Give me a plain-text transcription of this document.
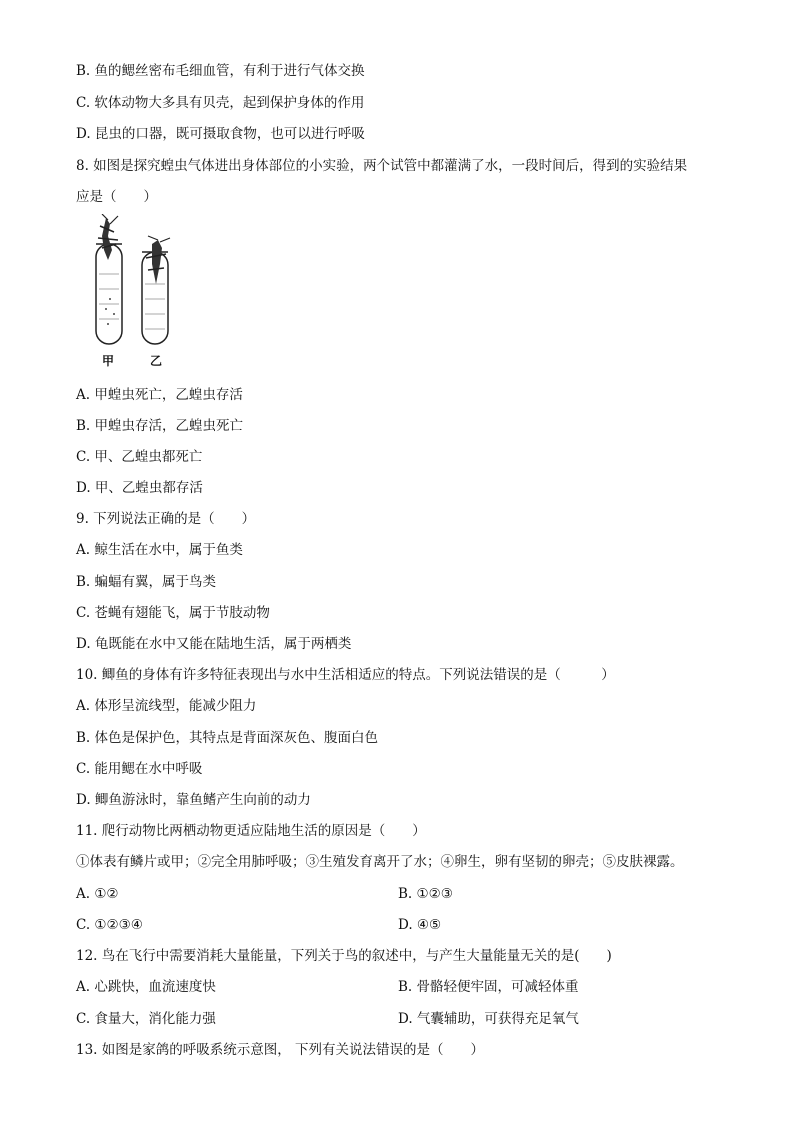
B. 鱼的鳃丝密布毛细血管，有利于进行气体交换
C. 软体动物大多具有贝壳，起到保护身体的作用
D. 昆虫的口器，既可摄取食物，也可以进行呼吸
8. 如图是探究蝗虫气体进出身体部位的小实验，两个试管中都灌满了水，一段时间后，得到的实验结果
应是（　　）
甲	乙
A. 甲蝗虫死亡，乙蝗虫存活
B. 甲蝗虫存活，乙蝗虫死亡
C. 甲、乙蝗虫都死亡
D. 甲、乙蝗虫都存活
9. 下列说法正确的是（　　）
A. 鲸生活在水中，属于鱼类
B. 蝙蝠有翼，属于鸟类
C. 苍蝇有翅能飞，属于节肢动物
D. 龟既能在水中又能在陆地生活，属于两栖类
10. 鲫鱼的身体有许多特征表现出与水中生活相适应的特点。下列说法错误的是（　　　）
A. 体形呈流线型，能减少阻力
B. 体色是保护色，其特点是背面深灰色、腹面白色
C. 能用鳃在水中呼吸
D. 鲫鱼游泳时，靠鱼鳍产生向前的动力
11. 爬行动物比两栖动物更适应陆地生活的原因是（　　）
①体表有鳞片或甲；②完全用肺呼吸；③生殖发育离开了水；④卵生，卵有坚韧的卵壳；⑤皮肤裸露。
A. ①②	B. ①②③
C. ①②③④	D. ④⑤
12. 鸟在飞行中需要消耗大量能量，下列关于鸟的叙述中，与产生大量能量无关的是(　　)
A. 心跳快，血流速度快	B. 骨骼轻便牢固，可减轻体重
C. 食量大，消化能力强	D. 气囊辅助，可获得充足氧气
13. 如图是家鸽的呼吸系统示意图， 下列有关说法错误的是（　　）
